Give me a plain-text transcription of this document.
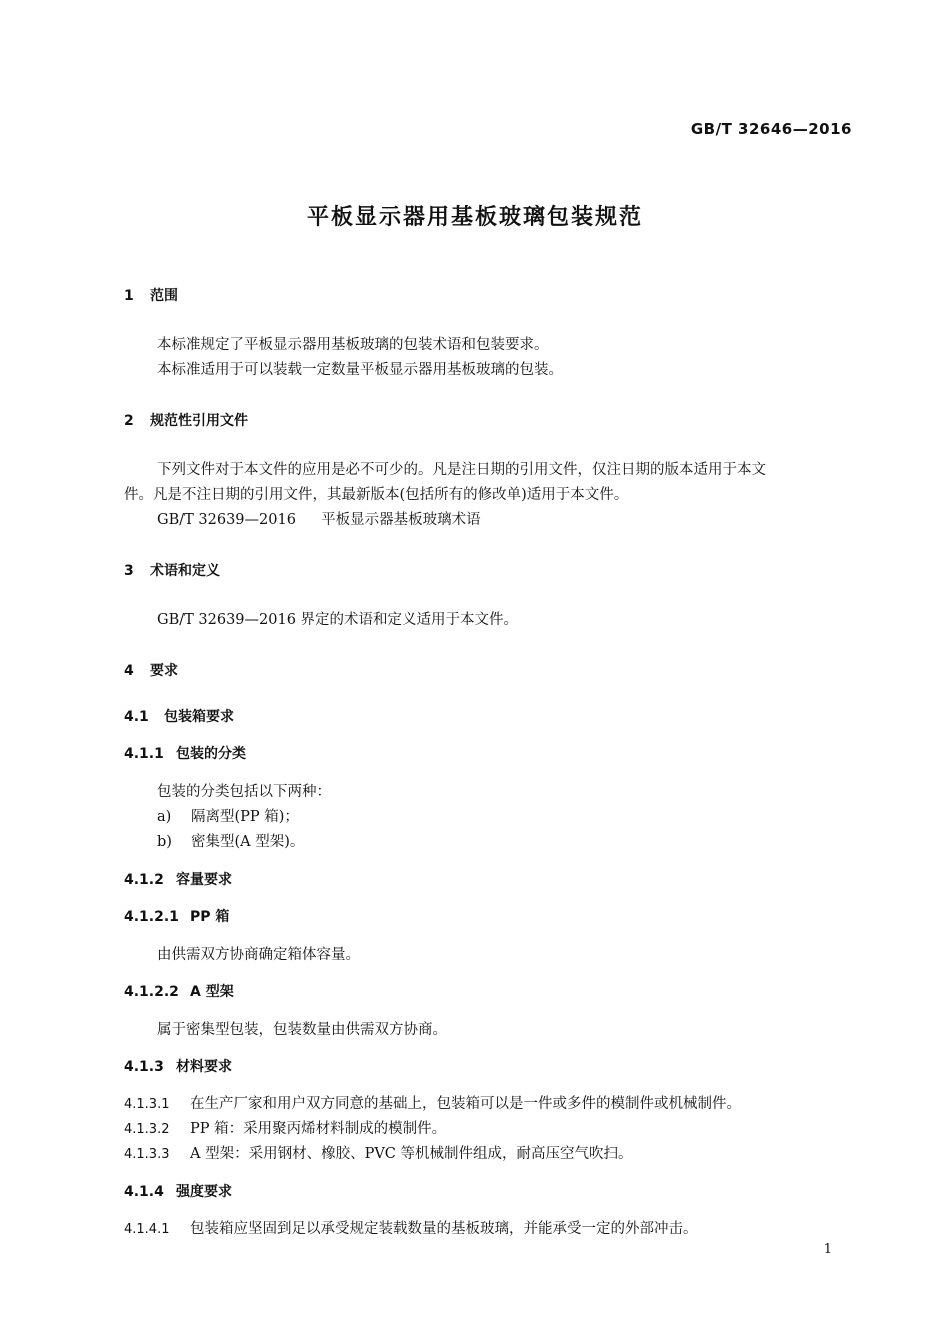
GB/T 32646—2016
平板显示器用基板玻璃包装规范
1 范围
本标准规定了平板显示器用基板玻璃的包装术语和包装要求。
本标准适用于可以装载一定数量平板显示器用基板玻璃的包装。
2 规范性引用文件
下列文件对于本文件的应用是必不可少的。凡是注日期的引用文件，仅注日期的版本适用于本文
件。凡是不注日期的引用文件，其最新版本(包括所有的修改单)适用于本文件。
GB/T 32639—2016 平板显示器基板玻璃术语
3 术语和定义
GB/T 32639—2016 界定的术语和定义适用于本文件。
4 要求
4.1 包装箱要求
4.1.1 包装的分类
包装的分类包括以下两种：
a) 隔离型(PP 箱)；
b) 密集型(A 型架)。
4.1.2 容量要求
4.1.2.1 PP 箱
由供需双方协商确定箱体容量。
4.1.2.2 A 型架
属于密集型包装，包装数量由供需双方协商。
4.1.3 材料要求
4.1.3.1 在生产厂家和用户双方同意的基础上，包装箱可以是一件或多件的模制件或机械制件。
4.1.3.2 PP 箱：采用聚丙烯材料制成的模制件。
4.1.3.3 A 型架：采用钢材、橡胶、PVC 等机械制件组成，耐高压空气吹扫。
4.1.4 强度要求
4.1.4.1 包装箱应坚固到足以承受规定装载数量的基板玻璃，并能承受一定的外部冲击。
1
